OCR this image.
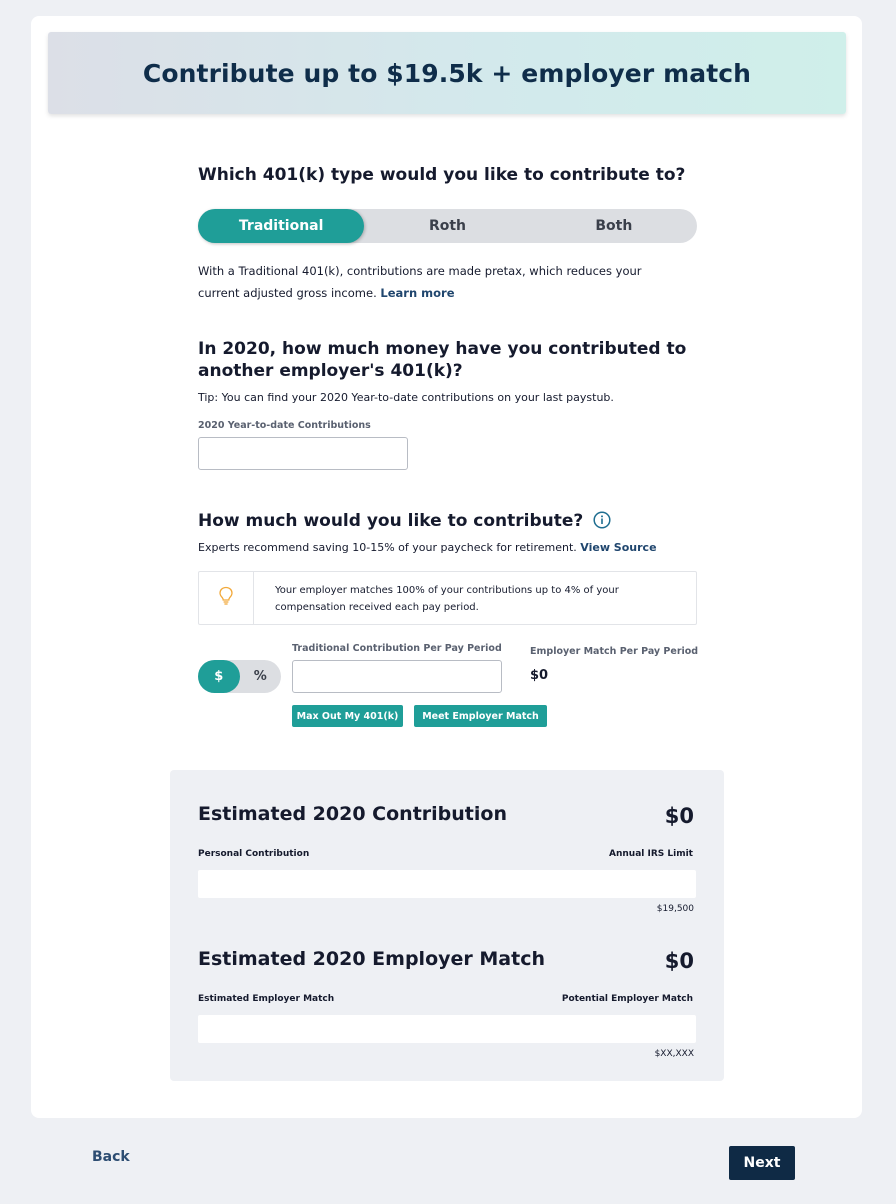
Contribute up to $19.5k + employer match
Which 401(k) type would you like to contribute to?
Traditional	Roth	Both
With a Traditional 401(k), contributions are made pretax, which reduces your current adjusted gross income. Learn more
In 2020, how much money have you contributed to another employer's 401(k)?
Tip: You can find your 2020 Year-to-date contributions on your last paystub.
2020 Year-to-date Contributions
How much would you like to contribute?
Experts recommend saving 10-15% of your paycheck for retirement. View Source
Your employer matches 100% of your contributions up to 4% of your compensation received each pay period.
$	%
Traditional Contribution Per Pay Period	Employer Match Per Pay Period
$0
Max Out My 401(k)	Meet Employer Match
Estimated 2020 Contribution	$0
Personal Contribution	Annual IRS Limit
$19,500
Estimated 2020 Employer Match	$0
Estimated Employer Match	Potential Employer Match
$XX,XXX
Back	Next
